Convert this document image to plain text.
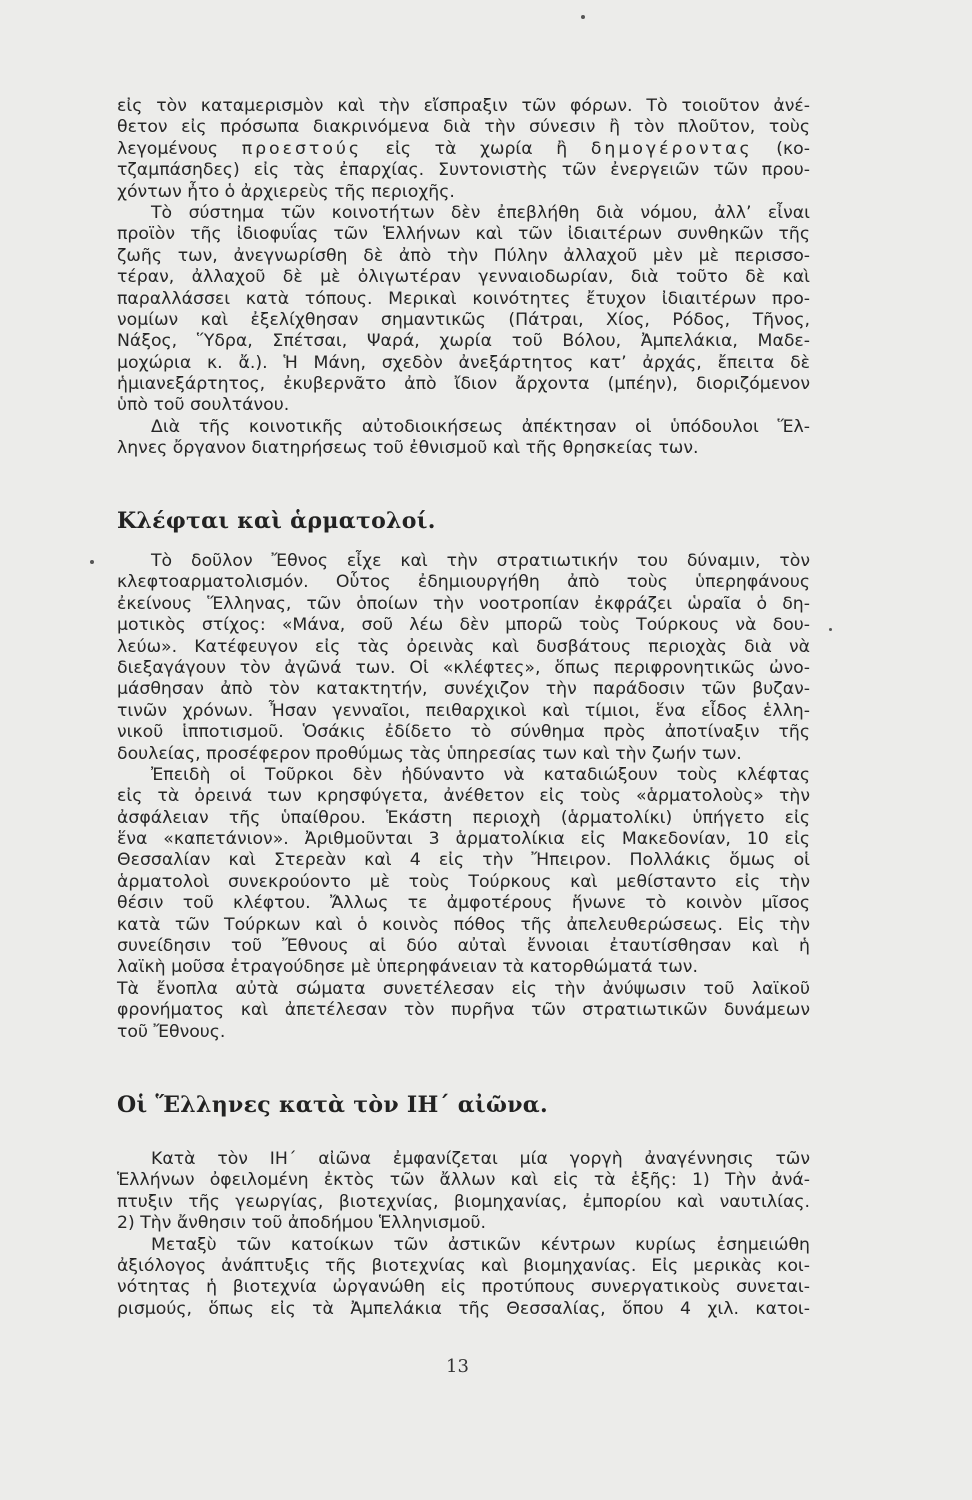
εἰς τὸν καταμερισμὸν καὶ τὴν εἴσπραξιν τῶν φόρων. Τὸ τοιοῦτον ἀνέ-
θετον εἰς πρόσωπα διακρινόμενα διὰ τὴν σύνεσιν ἢ τὸν πλοῦτον, τοὺς
λεγομένους προεστούς εἰς τὰ χωρία ἢ δημογέροντας (κο-
τζαμπάσηδες) εἰς τὰς ἐπαρχίας. Συντονιστὴς τῶν ἐνεργειῶν τῶν πρου-
χόντων ἦτο ὁ ἀρχιερεὺς τῆς περιοχῆς.
Τὸ σύστημα τῶν κοινοτήτων δὲν ἐπεβλήθη διὰ νόμου, ἀλλ’ εἶναι
προϊὸν τῆς ἰδιοφυΐας τῶν Ἑλλήνων καὶ τῶν ἰδιαιτέρων συνθηκῶν τῆς
ζωῆς των, ἀνεγνωρίσθη δὲ ἀπὸ τὴν Πύλην ἀλλαχοῦ μὲν μὲ περισσο-
τέραν, ἀλλαχοῦ δὲ μὲ ὀλιγωτέραν γενναιοδωρίαν, διὰ τοῦτο δὲ καὶ
παραλλάσσει κατὰ τόπους. Μερικαὶ κοινότητες ἔτυχον ἰδιαιτέρων προ-
νομίων καὶ ἐξελίχθησαν σημαντικῶς (Πάτραι, Χίος, Ρόδος, Τῆνος,
Νάξος, Ὕδρα, Σπέτσαι, Ψαρά, χωρία τοῦ Βόλου, Ἀμπελάκια, Μαδε-
μοχώρια κ. ἄ.). Ἡ Μάνη, σχεδὸν ἀνεξάρτητος κατ’ ἀρχάς, ἔπειτα δὲ
ἡμιανεξάρτητος, ἐκυβερνᾶτο ἀπὸ ἴδιον ἄρχοντα (μπέην), διοριζόμενον
ὑπὸ τοῦ σουλτάνου.
Διὰ τῆς κοινοτικῆς αὐτοδιοικήσεως ἀπέκτησαν οἱ ὑπόδουλοι Ἕλ-
ληνες ὄργανον διατηρήσεως τοῦ ἐθνισμοῦ καὶ τῆς θρησκείας των.
Κλέφται καὶ ἁρματολοί.
Τὸ δοῦλον Ἔθνος εἶχε καὶ τὴν στρατιωτικήν του δύναμιν, τὸν
κλεφτοαρματολισμόν. Οὗτος ἐδημιουργήθη ἀπὸ τοὺς ὑπερηφάνους
ἐκείνους Ἕλληνας, τῶν ὁποίων τὴν νοοτροπίαν ἐκφράζει ὡραῖα ὁ δη-
μοτικὸς στίχος: «Μάνα, σοῦ λέω δὲν μπορῶ τοὺς Τούρκους νὰ δου-
λεύω». Κατέφευγον εἰς τὰς ὀρεινὰς καὶ δυσβάτους περιοχὰς διὰ νὰ
διεξαγάγουν τὸν ἀγῶνά των. Οἱ «κλέφτες», ὅπως περιφρονητικῶς ὠνο-
μάσθησαν ἀπὸ τὸν κατακτητήν, συνέχιζον τὴν παράδοσιν τῶν βυζαν-
τινῶν χρόνων. Ἦσαν γενναῖοι, πειθαρχικοὶ καὶ τίμιοι, ἕνα εἶδος ἑλλη-
νικοῦ ἱπποτισμοῦ. Ὁσάκις ἐδίδετο τὸ σύνθημα πρὸς ἀποτίναξιν τῆς
δουλείας, προσέφερον προθύμως τὰς ὑπηρεσίας των καὶ τὴν ζωήν των.
Ἐπειδὴ οἱ Τοῦρκοι δὲν ἠδύναντο νὰ καταδιώξουν τοὺς κλέφτας
εἰς τὰ ὀρεινά των κρησφύγετα, ἀνέθετον εἰς τοὺς «ἁρματολοὺς» τὴν
ἀσφάλειαν τῆς ὑπαίθρου. Ἑκάστη περιοχὴ (ἁρματολίκι) ὑπήγετο εἰς
ἕνα «καπετάνιον». Ἀριθμοῦνται 3 ἁρματολίκια εἰς Μακεδονίαν, 10 εἰς
Θεσσαλίαν καὶ Στερεὰν καὶ 4 εἰς τὴν Ἤπειρον. Πολλάκις ὅμως οἱ
ἁρματολοὶ συνεκρούοντο μὲ τοὺς Τούρκους καὶ μεθίσταντο εἰς τὴν
θέσιν τοῦ κλέφτου. Ἄλλως τε ἀμφοτέρους ἥνωνε τὸ κοινὸν μῖσος
κατὰ τῶν Τούρκων καὶ ὁ κοινὸς πόθος τῆς ἀπελευθερώσεως. Εἰς τὴν
συνείδησιν τοῦ Ἔθνους αἱ δύο αὐταὶ ἔννοιαι ἐταυτίσθησαν καὶ ἡ
λαϊκὴ μοῦσα ἐτραγούδησε μὲ ὑπερηφάνειαν τὰ κατορθώματά των.
Τὰ ἔνοπλα αὐτὰ σώματα συνετέλεσαν εἰς τὴν ἀνύψωσιν τοῦ λαϊκοῦ
φρονήματος καὶ ἀπετέλεσαν τὸν πυρῆνα τῶν στρατιωτικῶν δυνάμεων
τοῦ Ἔθνους.
Οἱ Ἕλληνες κατὰ τὸν ΙΗ΄ αἰῶνα.
Κατὰ τὸν ΙΗ΄ αἰῶνα ἐμφανίζεται μία γοργὴ ἀναγέννησις τῶν
Ἑλλήνων ὀφειλομένη ἐκτὸς τῶν ἄλλων καὶ εἰς τὰ ἑξῆς: 1) Τὴν ἀνά-
πτυξιν τῆς γεωργίας, βιοτεχνίας, βιομηχανίας, ἐμπορίου καὶ ναυτιλίας.
2) Τὴν ἄνθησιν τοῦ ἀποδήμου Ἑλληνισμοῦ.
Μεταξὺ τῶν κατοίκων τῶν ἀστικῶν κέντρων κυρίως ἐσημειώθη
ἀξιόλογος ἀνάπτυξις τῆς βιοτεχνίας καὶ βιομηχανίας. Εἰς μερικὰς κοι-
νότητας ἡ βιοτεχνία ὠργανώθη εἰς προτύπους συνεργατικοὺς συνεται-
ρισμούς, ὅπως εἰς τὰ Ἀμπελάκια τῆς Θεσσαλίας, ὅπου 4 χιλ. κατοι-
13
